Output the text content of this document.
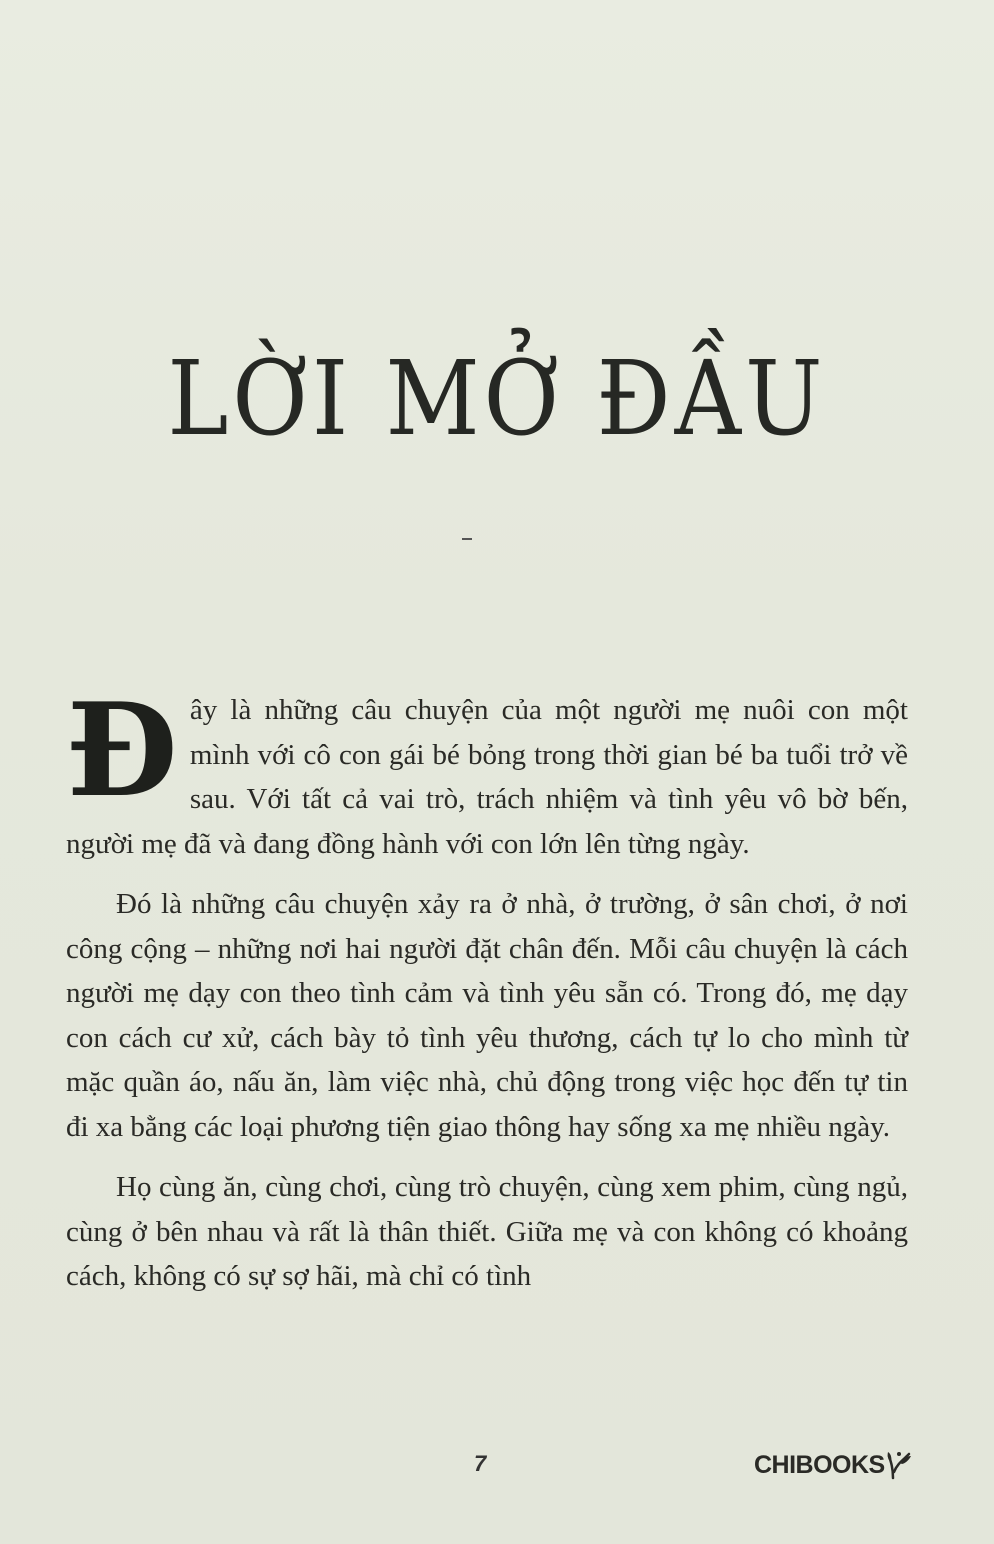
LỜI MỞ ĐẦU

Đây là những câu chuyện của một người mẹ nuôi con một mình với cô con gái bé bỏng trong thời gian bé ba tuổi trở về sau. Với tất cả vai trò, trách nhiệm và tình yêu vô bờ bến, người mẹ đã và đang đồng hành với con lớn lên từng ngày.

Đó là những câu chuyện xảy ra ở nhà, ở trường, ở sân chơi, ở nơi công cộng – những nơi hai người đặt chân đến. Mỗi câu chuyện là cách người mẹ dạy con theo tình cảm và tình yêu sẵn có. Trong đó, mẹ dạy con cách cư xử, cách bày tỏ tình yêu thương, cách tự lo cho mình từ mặc quần áo, nấu ăn, làm việc nhà, chủ động trong việc học đến tự tin đi xa bằng các loại phương tiện giao thông hay sống xa mẹ nhiều ngày.

Họ cùng ăn, cùng chơi, cùng trò chuyện, cùng xem phim, cùng ngủ, cùng ở bên nhau và rất là thân thiết. Giữa mẹ và con không có khoảng cách, không có sự sợ hãi, mà chỉ có tình

7	CHIBOOKS
